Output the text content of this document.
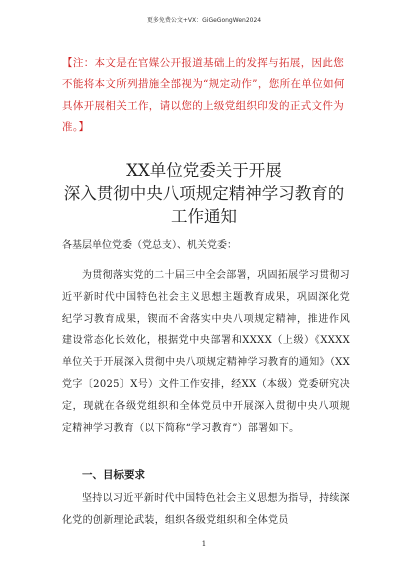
更多免费公文+VX：GiGeGongWen2024
【注：本文是在官媒公开报道基础上的发挥与拓展，因此您不能将本文所列措施全部视为“规定动作”，您所在单位如何具体开展相关工作，请以您的上级党组织印发的正式文件为准。】
XX单位党委关于开展
深入贯彻中央八项规定精神学习教育的
工作通知
各基层单位党委（党总支）、机关党委：
为贯彻落实党的二十届三中全会部署，巩固拓展学习贯彻习近平新时代中国特色社会主义思想主题教育成果，巩固深化党纪学习教育成果，锲而不舍落实中央八项规定精神，推进作风建设常态化长效化，根据党中央部署和XXXX（上级）《XXXX单位关于开展深入贯彻中央八项规定精神学习教育的通知》（XX党字〔2025〕X号）文件工作安排，经XX（本级）党委研究决定，现就在各级党组织和全体党员中开展深入贯彻中央八项规定精神学习教育（以下简称“学习教育”）部署如下。
一、目标要求
坚持以习近平新时代中国特色社会主义思想为指导，持续深化党的创新理论武装，组织各级党组织和全体党员
1
